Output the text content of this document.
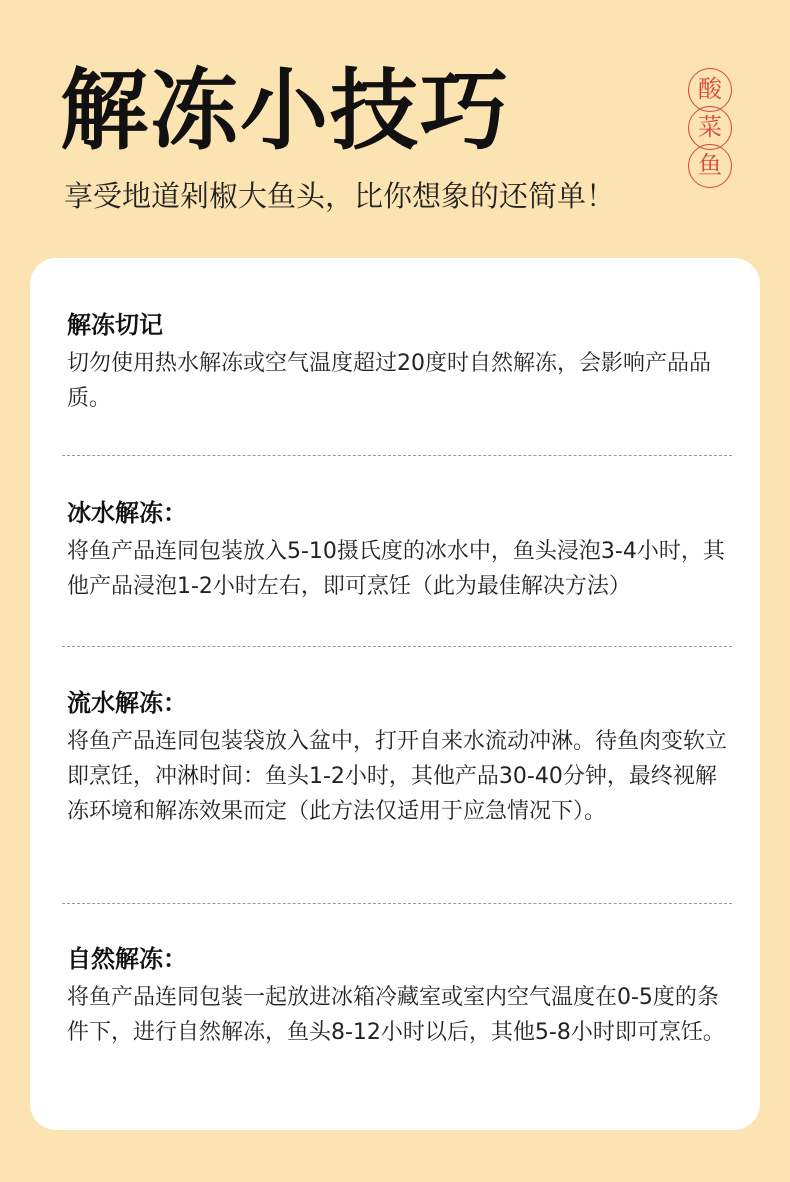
解冻小技巧
享受地道剁椒大鱼头，比你想象的还简单！
酸
菜
鱼
解冻切记

切勿使用热水解冻或空气温度超过20度时自然解冻，会影响产品品质。

冰水解冻：

将鱼产品连同包装放入5-10摄氏度的冰水中，鱼头浸泡3-4小时，其他产品浸泡1-2小时左右，即可烹饪（此为最佳解决方法）

流水解冻：

将鱼产品连同包装袋放入盆中，打开自来水流动冲淋。待鱼肉变软立即烹饪，冲淋时间：鱼头1-2小时，其他产品30-40分钟，最终视解冻环境和解冻效果而定（此方法仅适用于应急情况下）。

自然解冻：

将鱼产品连同包装一起放进冰箱冷藏室或室内空气温度在0-5度的条件下，进行自然解冻，鱼头8-12小时以后，其他5-8小时即可烹饪。
